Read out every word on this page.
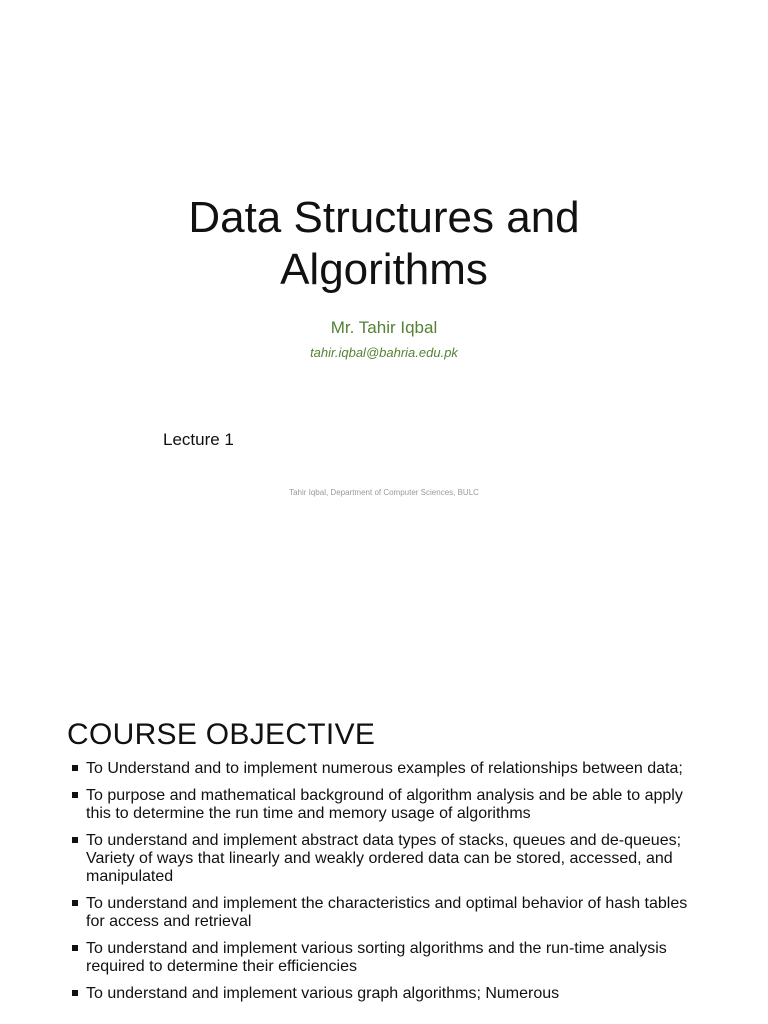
Data Structures and
Algorithms
Mr. Tahir Iqbal
tahir.iqbal@bahria.edu.pk
Lecture 1
Tahir Iqbal, Department of Computer Sciences, BULC
COURSE OBJECTIVE
To Understand and to implement numerous examples of relationships between data;
To purpose and mathematical background of algorithm analysis and be able to apply this to determine the run time and memory usage of algorithms
To understand and implement abstract data types of stacks, queues and de-queues; Variety of ways that linearly and weakly ordered data can be stored, accessed, and manipulated
To understand and implement the characteristics and optimal behavior of hash tables for access and retrieval
To understand and implement various sorting algorithms and the run-time analysis required to determine their efficiencies
To understand and implement various graph algorithms; Numerous
